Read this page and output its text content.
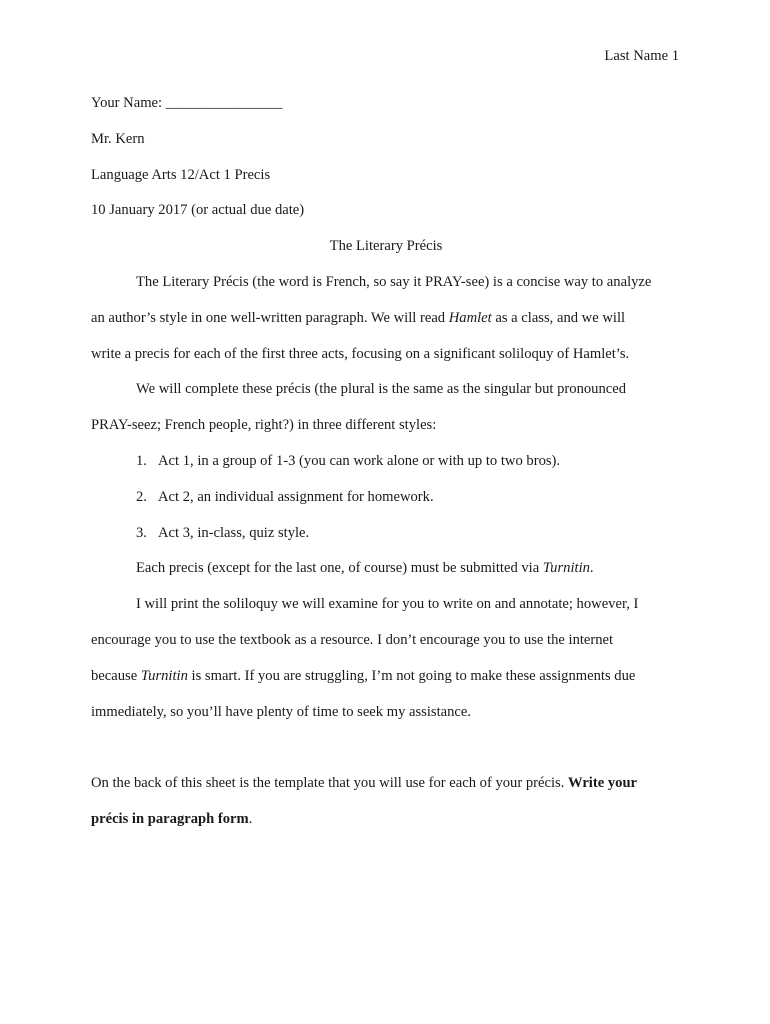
Last Name 1
Your Name: ________________
Mr. Kern
Language Arts 12/Act 1 Precis
10 January 2017 (or actual due date)
The Literary Précis
The Literary Précis (the word is French, so say it PRAY-see) is a concise way to analyze
an author’s style in one well-written paragraph. We will read Hamlet as a class, and we will
write a precis for each of the first three acts, focusing on a significant soliloquy of Hamlet’s.
We will complete these précis (the plural is the same as the singular but pronounced
PRAY-seez; French people, right?) in three different styles:
1. Act 1, in a group of 1-3 (you can work alone or with up to two bros).
2. Act 2, an individual assignment for homework.
3. Act 3, in-class, quiz style.
Each precis (except for the last one, of course) must be submitted via Turnitin.
I will print the soliloquy we will examine for you to write on and annotate; however, I
encourage you to use the textbook as a resource. I don’t encourage you to use the internet
because Turnitin is smart. If you are struggling, I’m not going to make these assignments due
immediately, so you’ll have plenty of time to seek my assistance.
On the back of this sheet is the template that you will use for each of your précis. Write your
précis in paragraph form.
